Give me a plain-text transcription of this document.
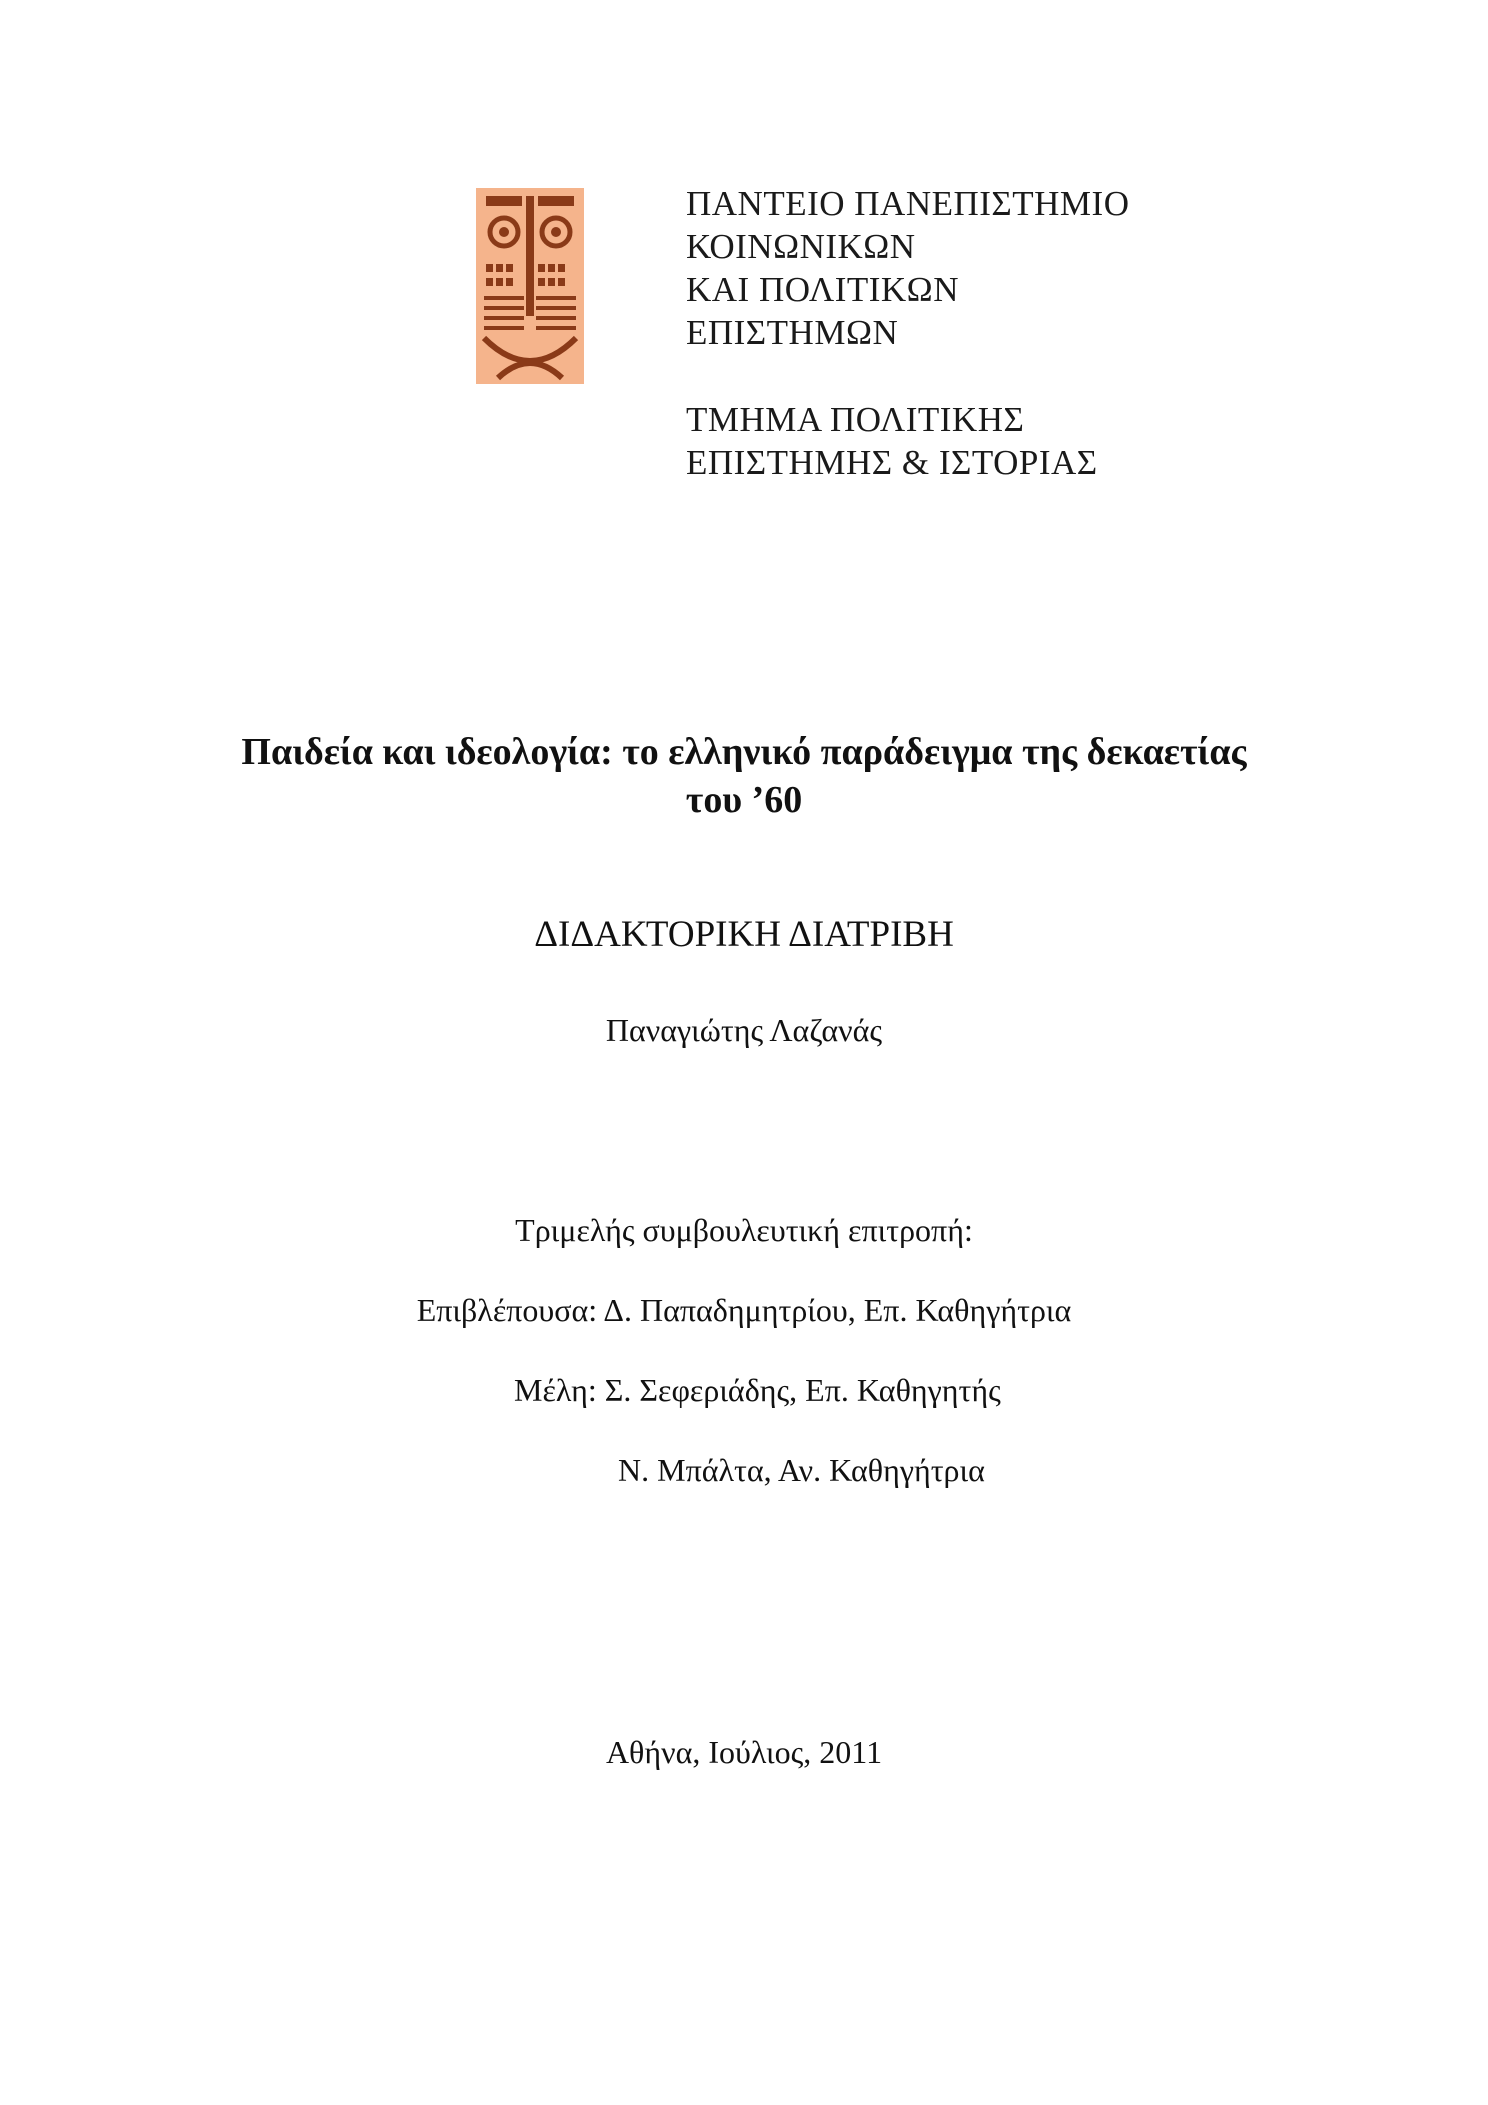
ΠΑΝΤΕΙΟ ΠΑΝΕΠΙΣΤΗΜΙΟ
ΚΟΙΝΩΝΙΚΩΝ
ΚΑΙ ΠΟΛΙΤΙΚΩΝ
ΕΠΙΣΤΗΜΩΝ
ΤΜΗΜΑ ΠΟΛΙΤΙΚΗΣ
ΕΠΙΣΤΗΜΗΣ & ΙΣΤΟΡΙΑΣ
Παιδεία και ιδεολογία: το ελληνικό παράδειγμα της δεκαετίας
του ’60
ΔΙΔΑΚΤΟΡΙΚΗ ΔΙΑΤΡΙΒΗ
Παναγιώτης Λαζανάς
Τριμελής συμβουλευτική επιτροπή:
Επιβλέπουσα: Δ. Παπαδημητρίου, Επ. Καθηγήτρια
Μέλη: Σ. Σεφεριάδης, Επ. Καθηγητής
Ν. Μπάλτα, Αν. Καθηγήτρια
Αθήνα, Ιούλιος, 2011
